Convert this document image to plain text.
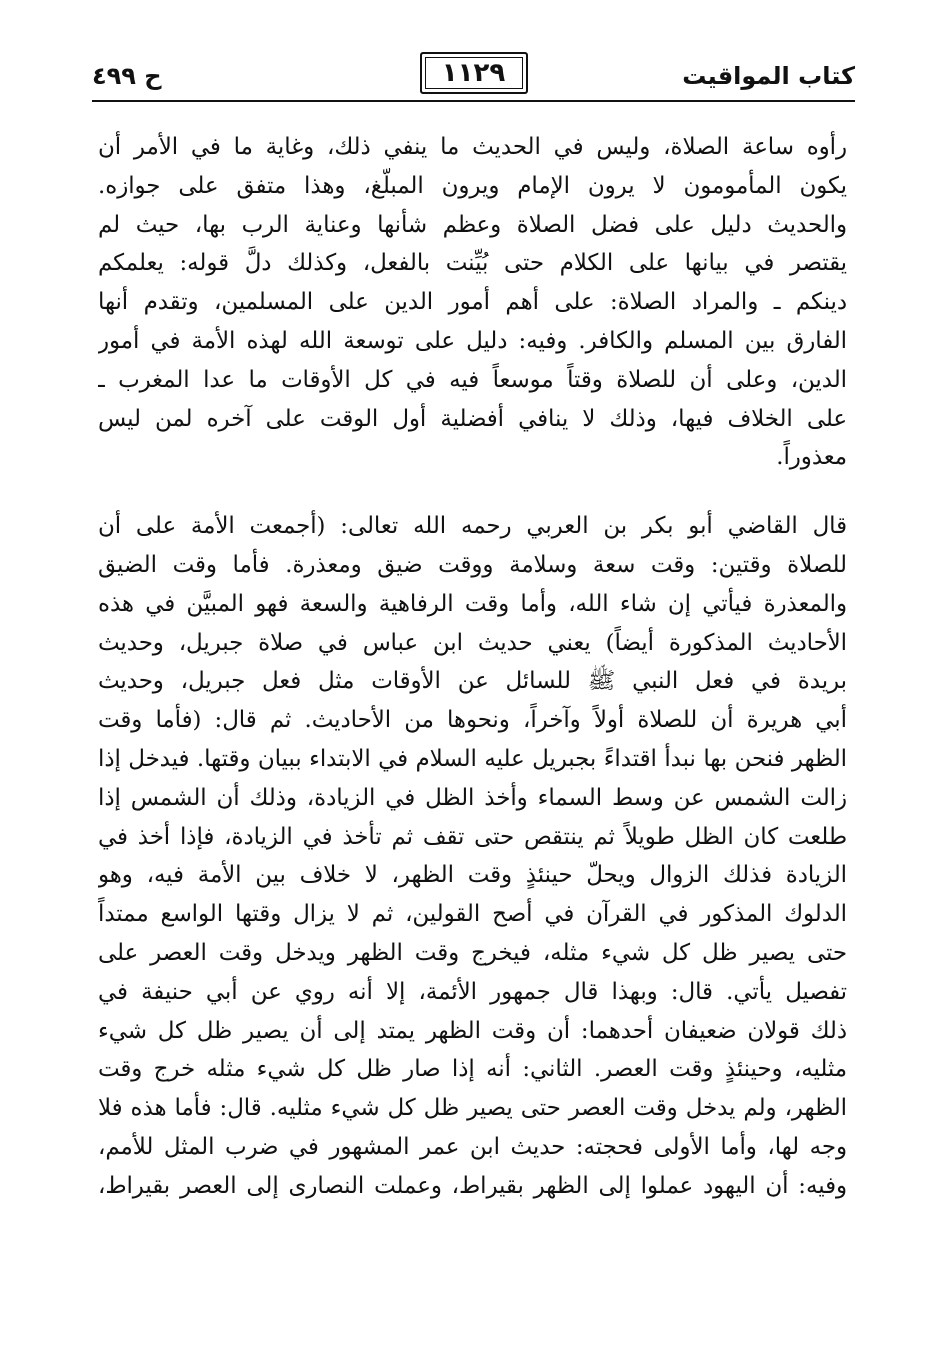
كتاب المواقيت
١١٢٩
ح ٤٩٩
رأوه ساعة الصلاة، وليس في الحديث ما ينفي ذلك، وغاية ما في الأمر أن
يكون المأمومون لا يرون الإمام ويرون المبلّغ، وهذا متفق على جوازه.
والحديث دليل على فضل الصلاة وعظم شأنها وعناية الرب بها، حيث لم
يقتصر في بيانها على الكلام حتى بُيِّنت بالفعل، وكذلك دلَّ قوله: يعلمكم
دينكم ـ والمراد الصلاة: على أهم أمور الدين على المسلمين، وتقدم أنها
الفارق بين المسلم والكافر. وفيه: دليل على توسعة الله لهذه الأمة في أمور
الدين، وعلى أن للصلاة وقتاً موسعاً فيه في كل الأوقات ما عدا المغرب ـ
على الخلاف فيها، وذلك لا ينافي أفضلية أول الوقت على آخره لمن ليس
معذوراً.
قال القاضي أبو بكر بن العربي رحمه الله تعالى: (أجمعت الأمة على أن
للصلاة وقتين: وقت سعة وسلامة ووقت ضيق ومعذرة. فأما وقت الضيق
والمعذرة فيأتي إن شاء الله، وأما وقت الرفاهية والسعة فهو المبيَّن في هذه
الأحاديث المذكورة أيضاً) يعني حديث ابن عباس في صلاة جبريل، وحديث
بريدة في فعل النبي ﷺ للسائل عن الأوقات مثل فعل جبريل، وحديث
أبي هريرة أن للصلاة أولاً وآخراً، ونحوها من الأحاديث. ثم قال: (فأما وقت
الظهر فنحن بها نبدأ اقتداءً بجبريل عليه السلام في الابتداء ببيان وقتها. فيدخل إذا
زالت الشمس عن وسط السماء وأخذ الظل في الزيادة، وذلك أن الشمس إذا
طلعت كان الظل طويلاً ثم ينتقص حتى تقف ثم تأخذ في الزيادة، فإذا أخذ في
الزيادة فذلك الزوال ويحلّ حينئذٍ وقت الظهر، لا خلاف بين الأمة فيه، وهو
الدلوك المذكور في القرآن في أصح القولين، ثم لا يزال وقتها الواسع ممتداً
حتى يصير ظل كل شيء مثله، فيخرج وقت الظهر ويدخل وقت العصر على
تفصيل يأتي. قال: وبهذا قال جمهور الأئمة، إلا أنه روي عن أبي حنيفة في
ذلك قولان ضعيفان أحدهما: أن وقت الظهر يمتد إلى أن يصير ظل كل شيء
مثليه، وحينئذٍ وقت العصر. الثاني: أنه إذا صار ظل كل شيء مثله خرج وقت
الظهر، ولم يدخل وقت العصر حتى يصير ظل كل شيء مثليه. قال: فأما هذه فلا
وجه لها، وأما الأولى فحجته: حديث ابن عمر المشهور في ضرب المثل للأمم،
وفيه: أن اليهود عملوا إلى الظهر بقيراط، وعملت النصارى إلى العصر بقيراط،
